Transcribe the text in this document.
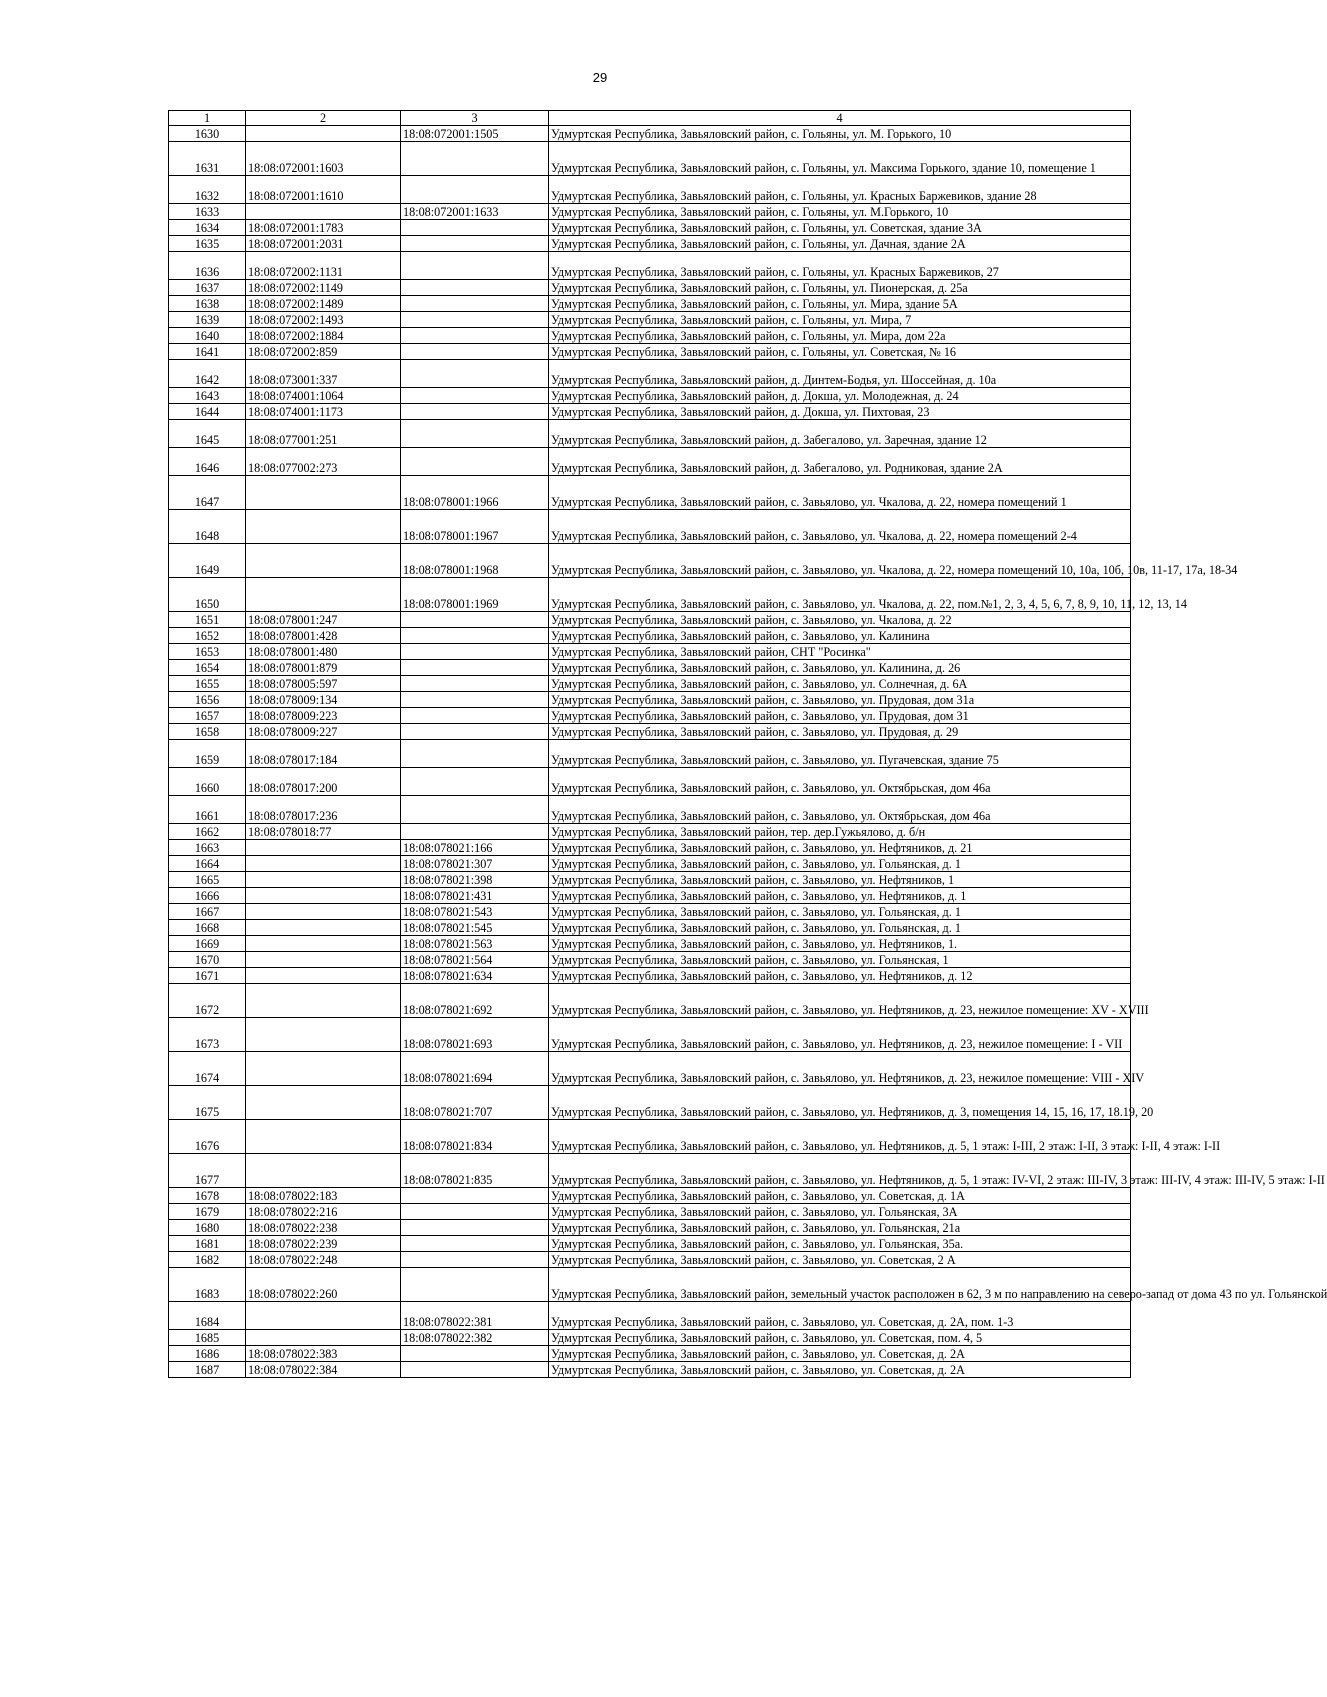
29
1	2	3	4
1630		18:08:072001:1505	Удмуртская Республика, Завьяловский район, с. Гольяны, ул. М. Горького, 10
1631	18:08:072001:1603		Удмуртская Республика, Завьяловский район, с. Гольяны, ул. Максима Горького, здание 10, помещение 1
1632	18:08:072001:1610		Удмуртская Республика, Завьяловский район, с. Гольяны, ул. Красных Баржевиков, здание 28
1633		18:08:072001:1633	Удмуртская Республика, Завьяловский район, с. Гольяны, ул. М.Горького, 10
1634	18:08:072001:1783		Удмуртская Республика, Завьяловский район, с. Гольяны, ул. Советская, здание 3А
1635	18:08:072001:2031		Удмуртская Республика, Завьяловский район, с. Гольяны, ул. Дачная, здание 2А
1636	18:08:072002:1131		Удмуртская Республика, Завьяловский район, с. Гольяны, ул. Красных Баржевиков, 27
1637	18:08:072002:1149		Удмуртская Республика, Завьяловский район, с. Гольяны, ул. Пионерская, д. 25а
1638	18:08:072002:1489		Удмуртская Республика, Завьяловский район, с. Гольяны, ул. Мира, здание 5А
1639	18:08:072002:1493		Удмуртская Республика, Завьяловский район, с. Гольяны, ул. Мира, 7
1640	18:08:072002:1884		Удмуртская Республика, Завьяловский район, с. Гольяны, ул. Мира, дом 22а
1641	18:08:072002:859		Удмуртская Республика, Завьяловский район, с. Гольяны, ул. Советская, № 16
1642	18:08:073001:337		Удмуртская Республика, Завьяловский район, д. Динтем-Бодья, ул. Шоссейная, д. 10а
1643	18:08:074001:1064		Удмуртская Республика, Завьяловский район, д. Докша, ул. Молодежная, д. 24
1644	18:08:074001:1173		Удмуртская Республика, Завьяловский район, д. Докша, ул. Пихтовая, 23
1645	18:08:077001:251		Удмуртская Республика, Завьяловский район, д. Забегалово, ул. Заречная, здание 12
1646	18:08:077002:273		Удмуртская Республика, Завьяловский район, д. Забегалово, ул. Родниковая, здание 2А
1647		18:08:078001:1966	Удмуртская Республика, Завьяловский район, с. Завьялово, ул. Чкалова, д. 22, номера помещений 1
1648		18:08:078001:1967	Удмуртская Республика, Завьяловский район, с. Завьялово, ул. Чкалова, д. 22, номера помещений 2-4
1649		18:08:078001:1968	Удмуртская Республика, Завьяловский район, с. Завьялово, ул. Чкалова, д. 22, номера помещений 10, 10а, 10б, 10в, 11-17, 17а, 18-34
1650		18:08:078001:1969	Удмуртская Республика, Завьяловский район, с. Завьялово, ул. Чкалова, д. 22, пом.№1, 2, 3, 4, 5, 6, 7, 8, 9, 10, 11, 12, 13, 14
1651	18:08:078001:247		Удмуртская Республика, Завьяловский район, с. Завьялово, ул. Чкалова, д. 22
1652	18:08:078001:428		Удмуртская Республика, Завьяловский район, с. Завьялово, ул. Калинина
1653	18:08:078001:480		Удмуртская Республика, Завьяловский район, СНТ "Росинка"
1654	18:08:078001:879		Удмуртская Республика, Завьяловский район, с. Завьялово, ул. Калинина, д. 26
1655	18:08:078005:597		Удмуртская Республика, Завьяловский район, с. Завьялово, ул. Солнечная, д. 6А
1656	18:08:078009:134		Удмуртская Республика, Завьяловский район, с. Завьялово, ул. Прудовая, дом 31а
1657	18:08:078009:223		Удмуртская Республика, Завьяловский район, с. Завьялово, ул. Прудовая, дом 31
1658	18:08:078009:227		Удмуртская Республика, Завьяловский район, с. Завьялово, ул. Прудовая, д. 29
1659	18:08:078017:184		Удмуртская Республика, Завьяловский район, с. Завьялово, ул. Пугачевская, здание 75
1660	18:08:078017:200		Удмуртская Республика, Завьяловский район, с. Завьялово, ул. Октябрьская, дом 46а
1661	18:08:078017:236		Удмуртская Республика, Завьяловский район, с. Завьялово, ул. Октябрьская, дом 46а
1662	18:08:078018:77		Удмуртская Республика, Завьяловский район, тер. дер.Гужьялово, д. б/н
1663		18:08:078021:166	Удмуртская Республика, Завьяловский район, с. Завьялово, ул. Нефтяников, д. 21
1664		18:08:078021:307	Удмуртская Республика, Завьяловский район, с. Завьялово, ул. Гольянская, д. 1
1665		18:08:078021:398	Удмуртская Республика, Завьяловский район, с. Завьялово, ул. Нефтяников, 1
1666		18:08:078021:431	Удмуртская Республика, Завьяловский район, с. Завьялово, ул. Нефтяников, д. 1
1667		18:08:078021:543	Удмуртская Республика, Завьяловский район, с. Завьялово, ул. Гольянская, д. 1
1668		18:08:078021:545	Удмуртская Республика, Завьяловский район, с. Завьялово, ул. Гольянская, д. 1
1669		18:08:078021:563	Удмуртская Республика, Завьяловский район, с. Завьялово, ул. Нефтяников, 1.
1670		18:08:078021:564	Удмуртская Республика, Завьяловский район, с. Завьялово, ул. Гольянская, 1
1671		18:08:078021:634	Удмуртская Республика, Завьяловский район, с. Завьялово, ул. Нефтяников, д. 12
1672		18:08:078021:692	Удмуртская Республика, Завьяловский район, с. Завьялово, ул. Нефтяников, д. 23, нежилое помещение: XV - XVIII
1673		18:08:078021:693	Удмуртская Республика, Завьяловский район, с. Завьялово, ул. Нефтяников, д. 23, нежилое помещение: I - VII
1674		18:08:078021:694	Удмуртская Республика, Завьяловский район, с. Завьялово, ул. Нефтяников, д. 23, нежилое помещение: VIII - XIV
1675		18:08:078021:707	Удмуртская Республика, Завьяловский район, с. Завьялово, ул. Нефтяников, д. 3, помещения 14, 15, 16, 17, 18.19, 20
1676		18:08:078021:834	Удмуртская Республика, Завьяловский район, с. Завьялово, ул. Нефтяников, д. 5, 1 этаж: I-III, 2 этаж: I-II, 3 этаж: I-II, 4 этаж: I-II
1677		18:08:078021:835	Удмуртская Республика, Завьяловский район, с. Завьялово, ул. Нефтяников, д. 5, 1 этаж: IV-VI, 2 этаж: III-IV, 3 этаж: III-IV, 4 этаж: III-IV, 5 этаж: I-II
1678	18:08:078022:183		Удмуртская Республика, Завьяловский район, с. Завьялово, ул. Советская, д. 1А
1679	18:08:078022:216		Удмуртская Республика, Завьяловский район, с. Завьялово, ул. Гольянская, 3А
1680	18:08:078022:238		Удмуртская Республика, Завьяловский район, с. Завьялово, ул. Гольянская, 21а
1681	18:08:078022:239		Удмуртская Республика, Завьяловский район, с. Завьялово, ул. Гольянская, 35а.
1682	18:08:078022:248		Удмуртская Республика, Завьяловский район, с. Завьялово, ул. Советская, 2 А
1683	18:08:078022:260		Удмуртская Республика, Завьяловский район, земельный участок расположен в 62, 3 м по направлению на северо-запад от дома 43 по ул. Гольянской
1684		18:08:078022:381	Удмуртская Республика, Завьяловский район, с. Завьялово, ул. Советская, д. 2А, пом. 1-3
1685		18:08:078022:382	Удмуртская Республика, Завьяловский район, с. Завьялово, ул. Советская, пом. 4, 5
1686	18:08:078022:383		Удмуртская Республика, Завьяловский район, с. Завьялово, ул. Советская, д. 2А
1687	18:08:078022:384		Удмуртская Республика, Завьяловский район, с. Завьялово, ул. Советская, д. 2А
